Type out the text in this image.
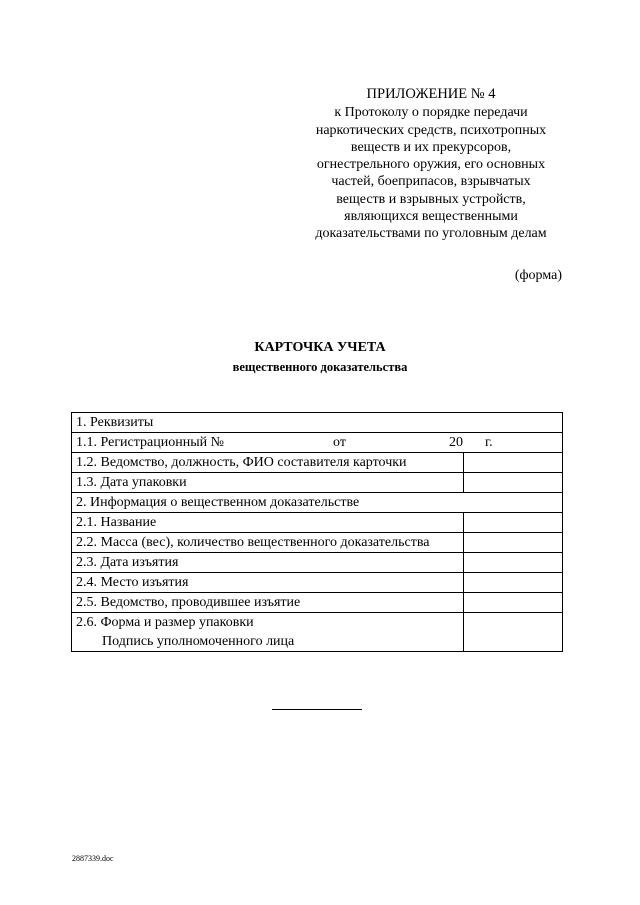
ПРИЛОЖЕНИЕ № 4
к Протоколу о порядке передачи
наркотических средств, психотропных
веществ и их прекурсоров,
огнестрельного оружия, его основных
частей, боеприпасов, взрывчатых
веществ и взрывных устройств,
являющихся вещественными
доказательствами по уголовным делам
(форма)
КАРТОЧКА УЧЕТА
вещественного доказательства
1. Реквизиты	

1.1. Регистрационный № от 20 г.	

1.2. Ведомство, должность, ФИО составителя карточки	
1.3. Дата упаковки	
2. Информация о вещественном доказательстве	
2.1. Название	
2.2. Масса (вес), количество вещественного доказательства	
2.3. Дата изъятия	
2.4. Место изъятия	
2.5. Ведомство, проводившее изъятие	
2.6. Форма и размер упаковки
Подпись уполномоченного лица	

2887339.doc
